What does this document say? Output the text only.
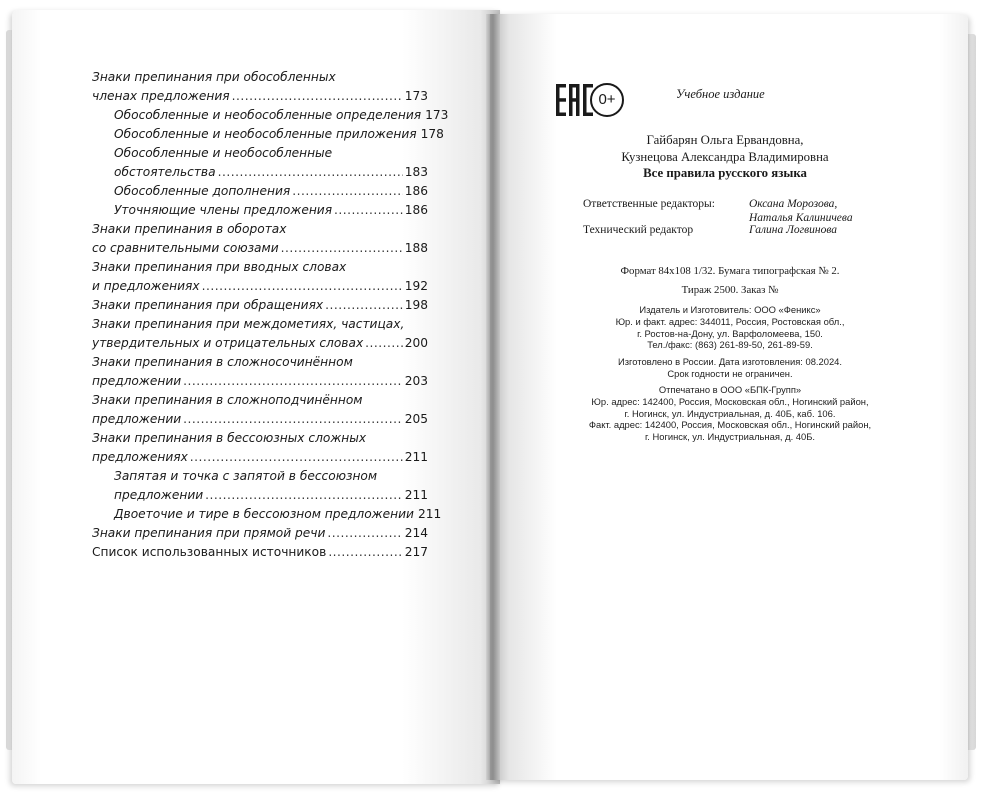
Знаки препинания при обособленных
членах предложения .....	173
Обособленные и необособленные определения 173
Обособленные и необособленные приложения 178
Обособленные и необособленные
обстоятельства .....	183
Обособленные дополнения .....	186
Уточняющие члены предложения .....	186
Знаки препинания в оборотах
со сравнительными союзами .....	188
Знаки препинания при вводных словах
и предложениях .....	192
Знаки препинания при обращениях .....	198
Знаки препинания при междометиях, частицах,
утвердительных и отрицательных словах .....	200
Знаки препинания в сложносочинённом
предложении .....	203
Знаки препинания в сложноподчинённом
предложении .....	205
Знаки препинания в бессоюзных сложных
предложениях .....	211
Запятая и точка с запятой в бессоюзном
предложении .....	211
Двоеточие и тире в бессоюзном предложении 211
Знаки препинания при прямой речи .....	214
Список использованных источников .....	217
0+	Учебное издание
Гайбарян Ольга Ервандовна,
Кузнецова Александра Владимировна
Все правила русского языка
Ответственные редакторы:	Оксана Морозова,
Наталья Калиничева
Технический редактор	Галина Логвинова
Формат 84x108 1/32. Бумага типографская № 2.
Тираж 2500. Заказ №
Издатель и Изготовитель: ООО «Феникс»
Юр. и факт. адрес: 344011, Россия, Ростовская обл.,
г. Ростов-на-Дону, ул. Варфоломеева, 150.
Тел./факс: (863) 261-89-50, 261-89-59.
Изготовлено в России. Дата изготовления: 08.2024.
Срок годности не ограничен.
Отпечатано в ООО «БПК-Групп»
Юр. адрес: 142400, Россия, Московская обл., Ногинский район,
г. Ногинск, ул. Индустриальная, д. 40Б, каб. 106.
Факт. адрес: 142400, Россия, Московская обл., Ногинский район,
г. Ногинск, ул. Индустриальная, д. 40Б.
